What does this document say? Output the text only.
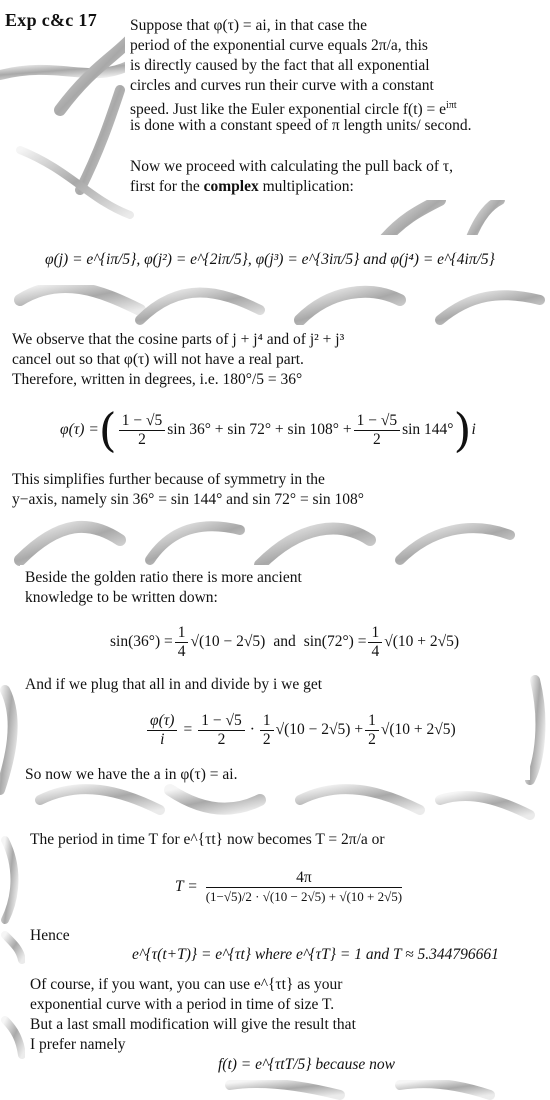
Exp c&c 17 Suppose that φ(τ) = ai, in that case the
period of the exponential curve equals 2π/a, this
is directly caused by the fact that all exponential
circles and curves run their curve with a constant
speed. Just like the Euler exponential circle $f(t) = e^{i\pi t}$
is done with a constant speed of π length units/ second.
Now we proceed with calculating the pull back of τ,
first for the complex multiplication:
φ(j) = e^{iπ/5}, φ(j²) = e^{2iπ/5}, φ(j³) = e^{3iπ/5} and φ(j⁴) = e^{4iπ/5}
We observe that the cosine parts of j + j⁴ and of j² + j³
cancel out so that φ(τ) will not have a real part.
Therefore, written in degrees, i.e. 180°/5 = 36°
φ(τ) = ( $\frac{1 - √5}{2}$ $\sin 36^\circ + \sin 72^\circ + \sin 108^\circ + \frac{1 - √5}{2}$ sin 144° ) i
This simplifies further because of symmetry in the
y−axis, namely sin 36° = sin 144° and sin 72° = sin 108°
Beside the golden ratio there is more ancient
knowledge to be written down:
$\sin(36^\circ) = \frac{1}{4} √(10 - 2√5)$ and $\sin(72^\circ) = \frac{1}{4} √(10 + 2√5)$
And if we plug that all in and divide by i we get
$\frac{\varphi(\tau)}{i} = \frac{1 - √5}{2} \cdot \frac{1}{2} √(10 - 2√5) + \frac{1}{2} √(10 + 2√5)$
So now we have the a in φ(τ) = ai.
The period in time T for e^{τt} now becomes T = 2π/a or
$T = \frac{4\pi}{(1-√5)/2 \cdot √(10 - 2√5) + √(10 + 2√5)}$
Hence
e^{τ(t+T)} = e^{τt} where e^{τT} = 1 and T ≈ 5.344796661
Of course, if you want, you can use e^{τt} as your
exponential curve with a period in time of size T.
But a last small modification will give the result that
I prefer namely
f(t) = e^{τtT/5} because now
